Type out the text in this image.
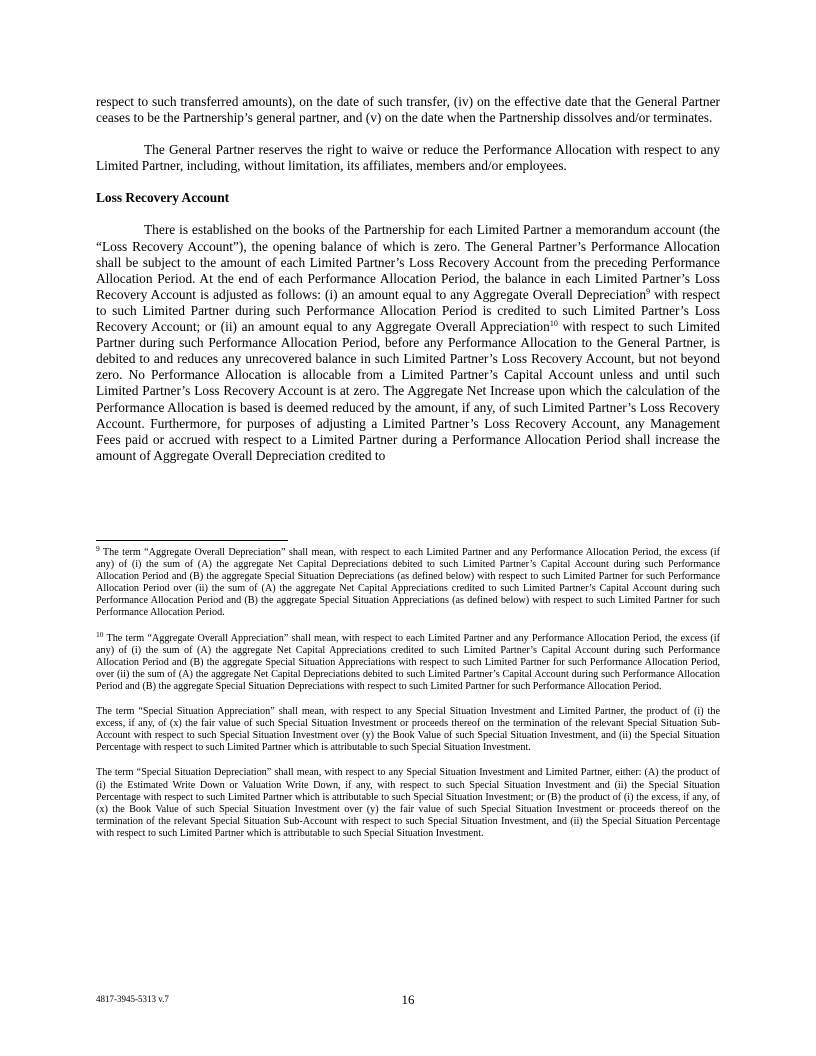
respect to such transferred amounts), on the date of such transfer, (iv) on the effective date that the General Partner ceases to be the Partnership’s general partner, and (v) on the date when the Partnership dissolves and/or terminates.

The General Partner reserves the right to waive or reduce the Performance Allocation with respect to any Limited Partner, including, without limitation, its affiliates, members and/or employees.

Loss Recovery Account

There is established on the books of the Partnership for each Limited Partner a memorandum account (the “Loss Recovery Account”), the opening balance of which is zero. The General Partner’s Performance Allocation shall be subject to the amount of each Limited Partner’s Loss Recovery Account from the preceding Performance Allocation Period. At the end of each Performance Allocation Period, the balance in each Limited Partner’s Loss Recovery Account is adjusted as follows: (i) an amount equal to any Aggregate Overall Depreciation$^9$ with respect to such Limited Partner during such Performance Allocation Period is credited to such Limited Partner’s Loss Recovery Account; or (ii) an amount equal to any Aggregate Overall Appreciation$^{10}$ with respect to such Limited Partner during such Performance Allocation Period, before any Performance Allocation to the General Partner, is debited to and reduces any unrecovered balance in such Limited Partner’s Loss Recovery Account, but not beyond zero. No Performance Allocation is allocable from a Limited Partner’s Capital Account unless and until such Limited Partner’s Loss Recovery Account is at zero. The Aggregate Net Increase upon which the calculation of the Performance Allocation is based is deemed reduced by the amount, if any, of such Limited Partner’s Loss Recovery Account. Furthermore, for purposes of adjusting a Limited Partner’s Loss Recovery Account, any Management Fees paid or accrued with respect to a Limited Partner during a Performance Allocation Period shall increase the amount of Aggregate Overall Depreciation credited to

$^9$ The term “Aggregate Overall Depreciation” shall mean, with respect to each Limited Partner and any Performance Allocation Period, the excess (if any) of (i) the sum of (A) the aggregate Net Capital Depreciations debited to such Limited Partner’s Capital Account during such Performance Allocation Period and (B) the aggregate Special Situation Depreciations (as defined below) with respect to such Limited Partner for such Performance Allocation Period over (ii) the sum of (A) the aggregate Net Capital Appreciations credited to such Limited Partner’s Capital Account during such Performance Allocation Period and (B) the aggregate Special Situation Appreciations (as defined below) with respect to such Limited Partner for such Performance Allocation Period.

$^{10}$ The term “Aggregate Overall Appreciation” shall mean, with respect to each Limited Partner and any Performance Allocation Period, the excess (if any) of (i) the sum of (A) the aggregate Net Capital Appreciations credited to such Limited Partner’s Capital Account during such Performance Allocation Period and (B) the aggregate Special Situation Appreciations with respect to such Limited Partner for such Performance Allocation Period, over (ii) the sum of (A) the aggregate Net Capital Depreciations debited to such Limited Partner’s Capital Account during such Performance Allocation Period and (B) the aggregate Special Situation Depreciations with respect to such Limited Partner for such Performance Allocation Period.

The term “Special Situation Appreciation” shall mean, with respect to any Special Situation Investment and Limited Partner, the product of (i) the excess, if any, of (x) the fair value of such Special Situation Investment or proceeds thereof on the termination of the relevant Special Situation Sub-Account with respect to such Special Situation Investment over (y) the Book Value of such Special Situation Investment, and (ii) the Special Situation Percentage with respect to such Limited Partner which is attributable to such Special Situation Investment.

The term “Special Situation Depreciation” shall mean, with respect to any Special Situation Investment and Limited Partner, either: (A) the product of (i) the Estimated Write Down or Valuation Write Down, if any, with respect to such Special Situation Investment and (ii) the Special Situation Percentage with respect to such Limited Partner which is attributable to such Special Situation Investment; or (B) the product of (i) the excess, if any, of (x) the Book Value of such Special Situation Investment over (y) the fair value of such Special Situation Investment or proceeds thereof on the termination of the relevant Special Situation Sub-Account with respect to such Special Situation Investment, and (ii) the Special Situation Percentage with respect to such Limited Partner which is attributable to such Special Situation Investment.

4817-3945-5313 v.7	16
